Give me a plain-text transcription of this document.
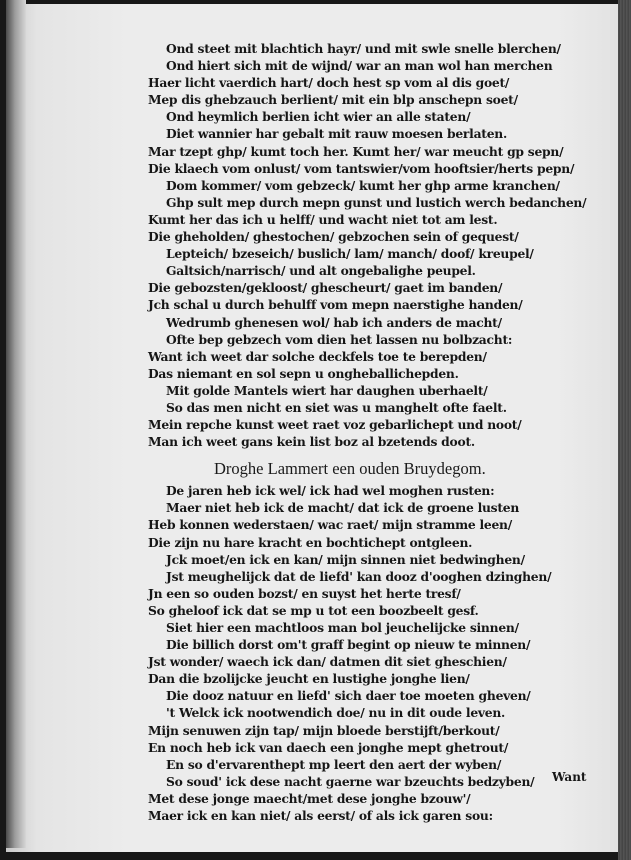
Ond steet mit blachtich hayr/ und mit swle snelle blerchen/
Ond hiert sich mit de wijnd/ war an man wol han merchen
Haer licht vaerdich hart/ doch hest sp vom al dis goet/
Mep dis ghebzauch berlient/ mit ein blp anschepn soet/
Ond heymlich berlien icht wier an alle staten/
Diet wannier har gebalt mit rauw moesen berlaten.
Mar tzept ghp/ kumt toch her. Kumt her/ war meucht gp sepn/
Die klaech vom onlust/ vom tantswier/vom hooftsier/herts pepn/
Dom kommer/ vom gebzeck/ kumt her ghp arme kranchen/
Ghp sult mep durch mepn gunst und lustich werch bedanchen/
Kumt her das ich u helff/ und wacht niet tot am lest.
Die gheholden/ ghestochen/ gebzochen sein of gequest/
Lepteich/ bzeseich/ buslich/ lam/ manch/ doof/ kreupel/
Galtsich/narrisch/ und alt ongebalighe peupel.
Die gebozsten/gekloost/ ghescheurt/ gaet im banden/
Jch schal u durch behulff vom mepn naerstighe handen/
Wedrumb ghenesen wol/ hab ich anders de macht/
Ofte bep gebzech vom dien het lassen nu bolbzacht:
Want ich weet dar solche deckfels toe te berepden/
Das niemant en sol sepn u ongheballichepden.
Mit golde Mantels wiert har daughen uberhaelt/
So das men nicht en siet was u manghelt ofte faelt.
Mein repche kunst weet raet voz gebarlichept und noot/
Man ich weet gans kein list boz al bzetends doot.
Droghe Lammert een ouden Bruydegom.
De jaren heb ick wel/ ick had wel moghen rusten:
Maer niet heb ick de macht/ dat ick de groene lusten
Heb konnen wederstaen/ wac raet/ mijn stramme leen/
Die zijn nu hare kracht en bochtichept ontgleen.
Jck moet/en ick en kan/ mijn sinnen niet bedwinghen/
Jst meughelijck dat de liefd' kan dooz d'ooghen dzinghen/
Jn een so ouden bozst/ en suyst het herte tresf/
So gheloof ick dat se mp u tot een boozbeelt gesf.
Siet hier een machtloos man bol jeuchelijcke sinnen/
Die billich dorst om't graff begint op nieuw te minnen/
Jst wonder/ waech ick dan/ datmen dit siet gheschien/
Dan die bzolijcke jeucht en lustighe jonghe lien/
Die dooz natuur en liefd' sich daer toe moeten gheven/
't Welck ick nootwendich doe/ nu in dit oude leven.
Mijn senuwen zijn tap/ mijn bloede berstijft/berkout/
En noch heb ick van daech een jonghe mept ghetrout/
En so d'ervarenthept mp leert den aert der wyben/
So soud' ick dese nacht gaerne war bzeuchts bedzyben/
Met dese jonge maecht/met dese jonghe bzouw'/
Maer ick en kan niet/ als eerst/ of als ick garen sou:
Want
